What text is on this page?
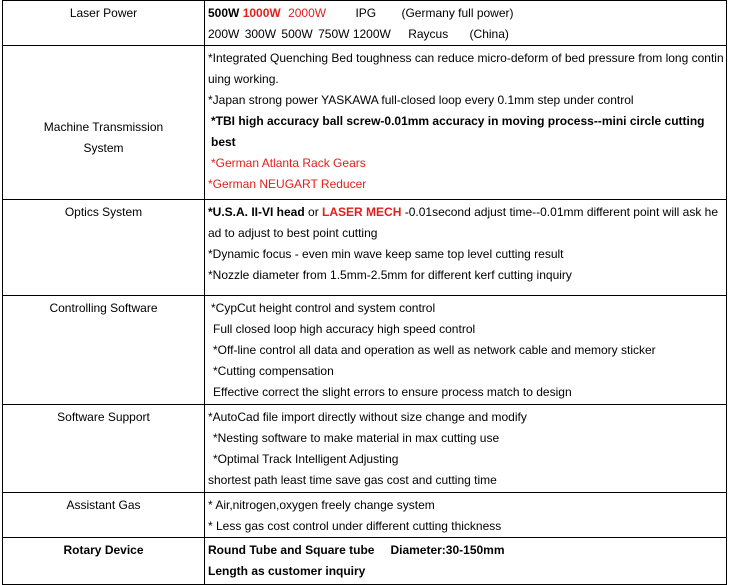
Laser Power	500W 1000W 2000W IPG (Germany full power)
200W 300W 500W 750W 1200W Raycus (China)

Machine Transmission
System	*Integrated Quenching Bed toughness can reduce micro-deform of bed pressure from long continuing working.
*Japan strong power YASKAWA full-closed loop every 0.1mm step under control
*TBI high accuracy ball screw-0.01mm accuracy in moving process--mini circle cutting best
*German Atlanta Rack Gears
*German NEUGART Reducer

Optics System	*U.S.A. II-VI head or LASER MECH -0.01second adjust time--0.01mm different point will ask head to adjust to best point cutting
*Dynamic focus - even min wave keep same top level cutting result
*Nozzle diameter from 1.5mm-2.5mm for different kerf cutting inquiry

Controlling Software	*CypCut height control and system control
Full closed loop high accuracy high speed control
*Off-line control all data and operation as well as network cable and memory sticker
*Cutting compensation
Effective correct the slight errors to ensure process match to design

Software Support	*AutoCad file import directly without size change and modify
*Nesting software to make material in max cutting use
*Optimal Track Intelligent Adjusting
shortest path least time save gas cost and cutting time

Assistant Gas	* Air,nitrogen,oxygen freely change system
* Less gas cost control under different cutting thickness

Rotary Device	Round Tube and Square tube Diameter:30-150mm
Length as customer inquiry
